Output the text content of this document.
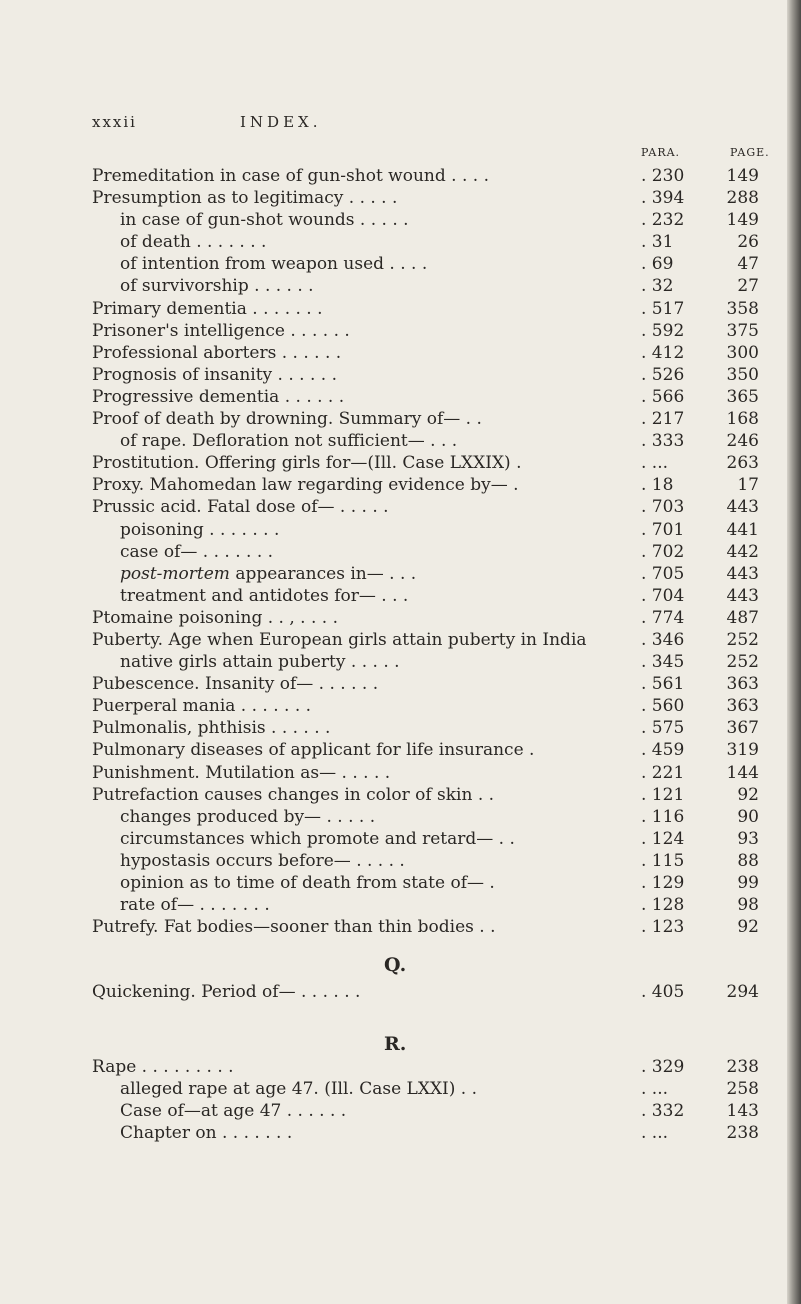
xxxii	INDEX.
PARA.	PAGE.
Premeditation in case of gun-shot wound . . . .	. 230	149
Presumption as to legitimacy . . . . .	. 394	288
in case of gun-shot wounds . . . . .	. 232	149
of death . . . . . . .	. 31	26
of intention from weapon used . . . .	. 69	47
of survivorship . . . . . .	. 32	27
Primary dementia . . . . . . .	. 517	358
Prisoner's intelligence . . . . . .	. 592	375
Professional aborters . . . . . .	. 412	300
Prognosis of insanity . . . . . .	. 526	350
Progressive dementia . . . . . .	. 566	365
Proof of death by drowning. Summary of— . .	. 217	168
of rape. Defloration not sufficient— . . .	. 333	246
Prostitution. Offering girls for—(Ill. Case LXXIX) .	. ...	263
Proxy. Mahomedan law regarding evidence by— .	. 18	17
Prussic acid. Fatal dose of— . . . . .	. 703	443
poisoning . . . . . . .	. 701	441
case of— . . . . . . .	. 702	442
post-mortem appearances in— . . .	. 705	443
treatment and antidotes for— . . .	. 704	443
Ptomaine poisoning . . , . . . .	. 774	487
Puberty. Age when European girls attain puberty in India	. 346	252
native girls attain puberty . . . . .	. 345	252
Pubescence. Insanity of— . . . . . .	. 561	363
Puerperal mania . . . . . . .	. 560	363
Pulmonalis, phthisis . . . . . .	. 575	367
Pulmonary diseases of applicant for life insurance .	. 459	319
Punishment. Mutilation as— . . . . .	. 221	144
Putrefaction causes changes in color of skin . .	. 121	92
changes produced by— . . . . .	. 116	90
circumstances which promote and retard— . .	. 124	93
hypostasis occurs before— . . . . .	. 115	88
opinion as to time of death from state of— .	. 129	99
rate of— . . . . . . .	. 128	98
Putrefy. Fat bodies—sooner than thin bodies . .	. 123	92
Q.
Quickening. Period of— . . . . . .	. 405	294
R.
Rape . . . . . . . . .	. 329	238
alleged rape at age 47. (Ill. Case LXXI) . .	. ...	258
Case of—at age 47 . . . . . .	. 332	143
Chapter on . . . . . . .	. ...	238
